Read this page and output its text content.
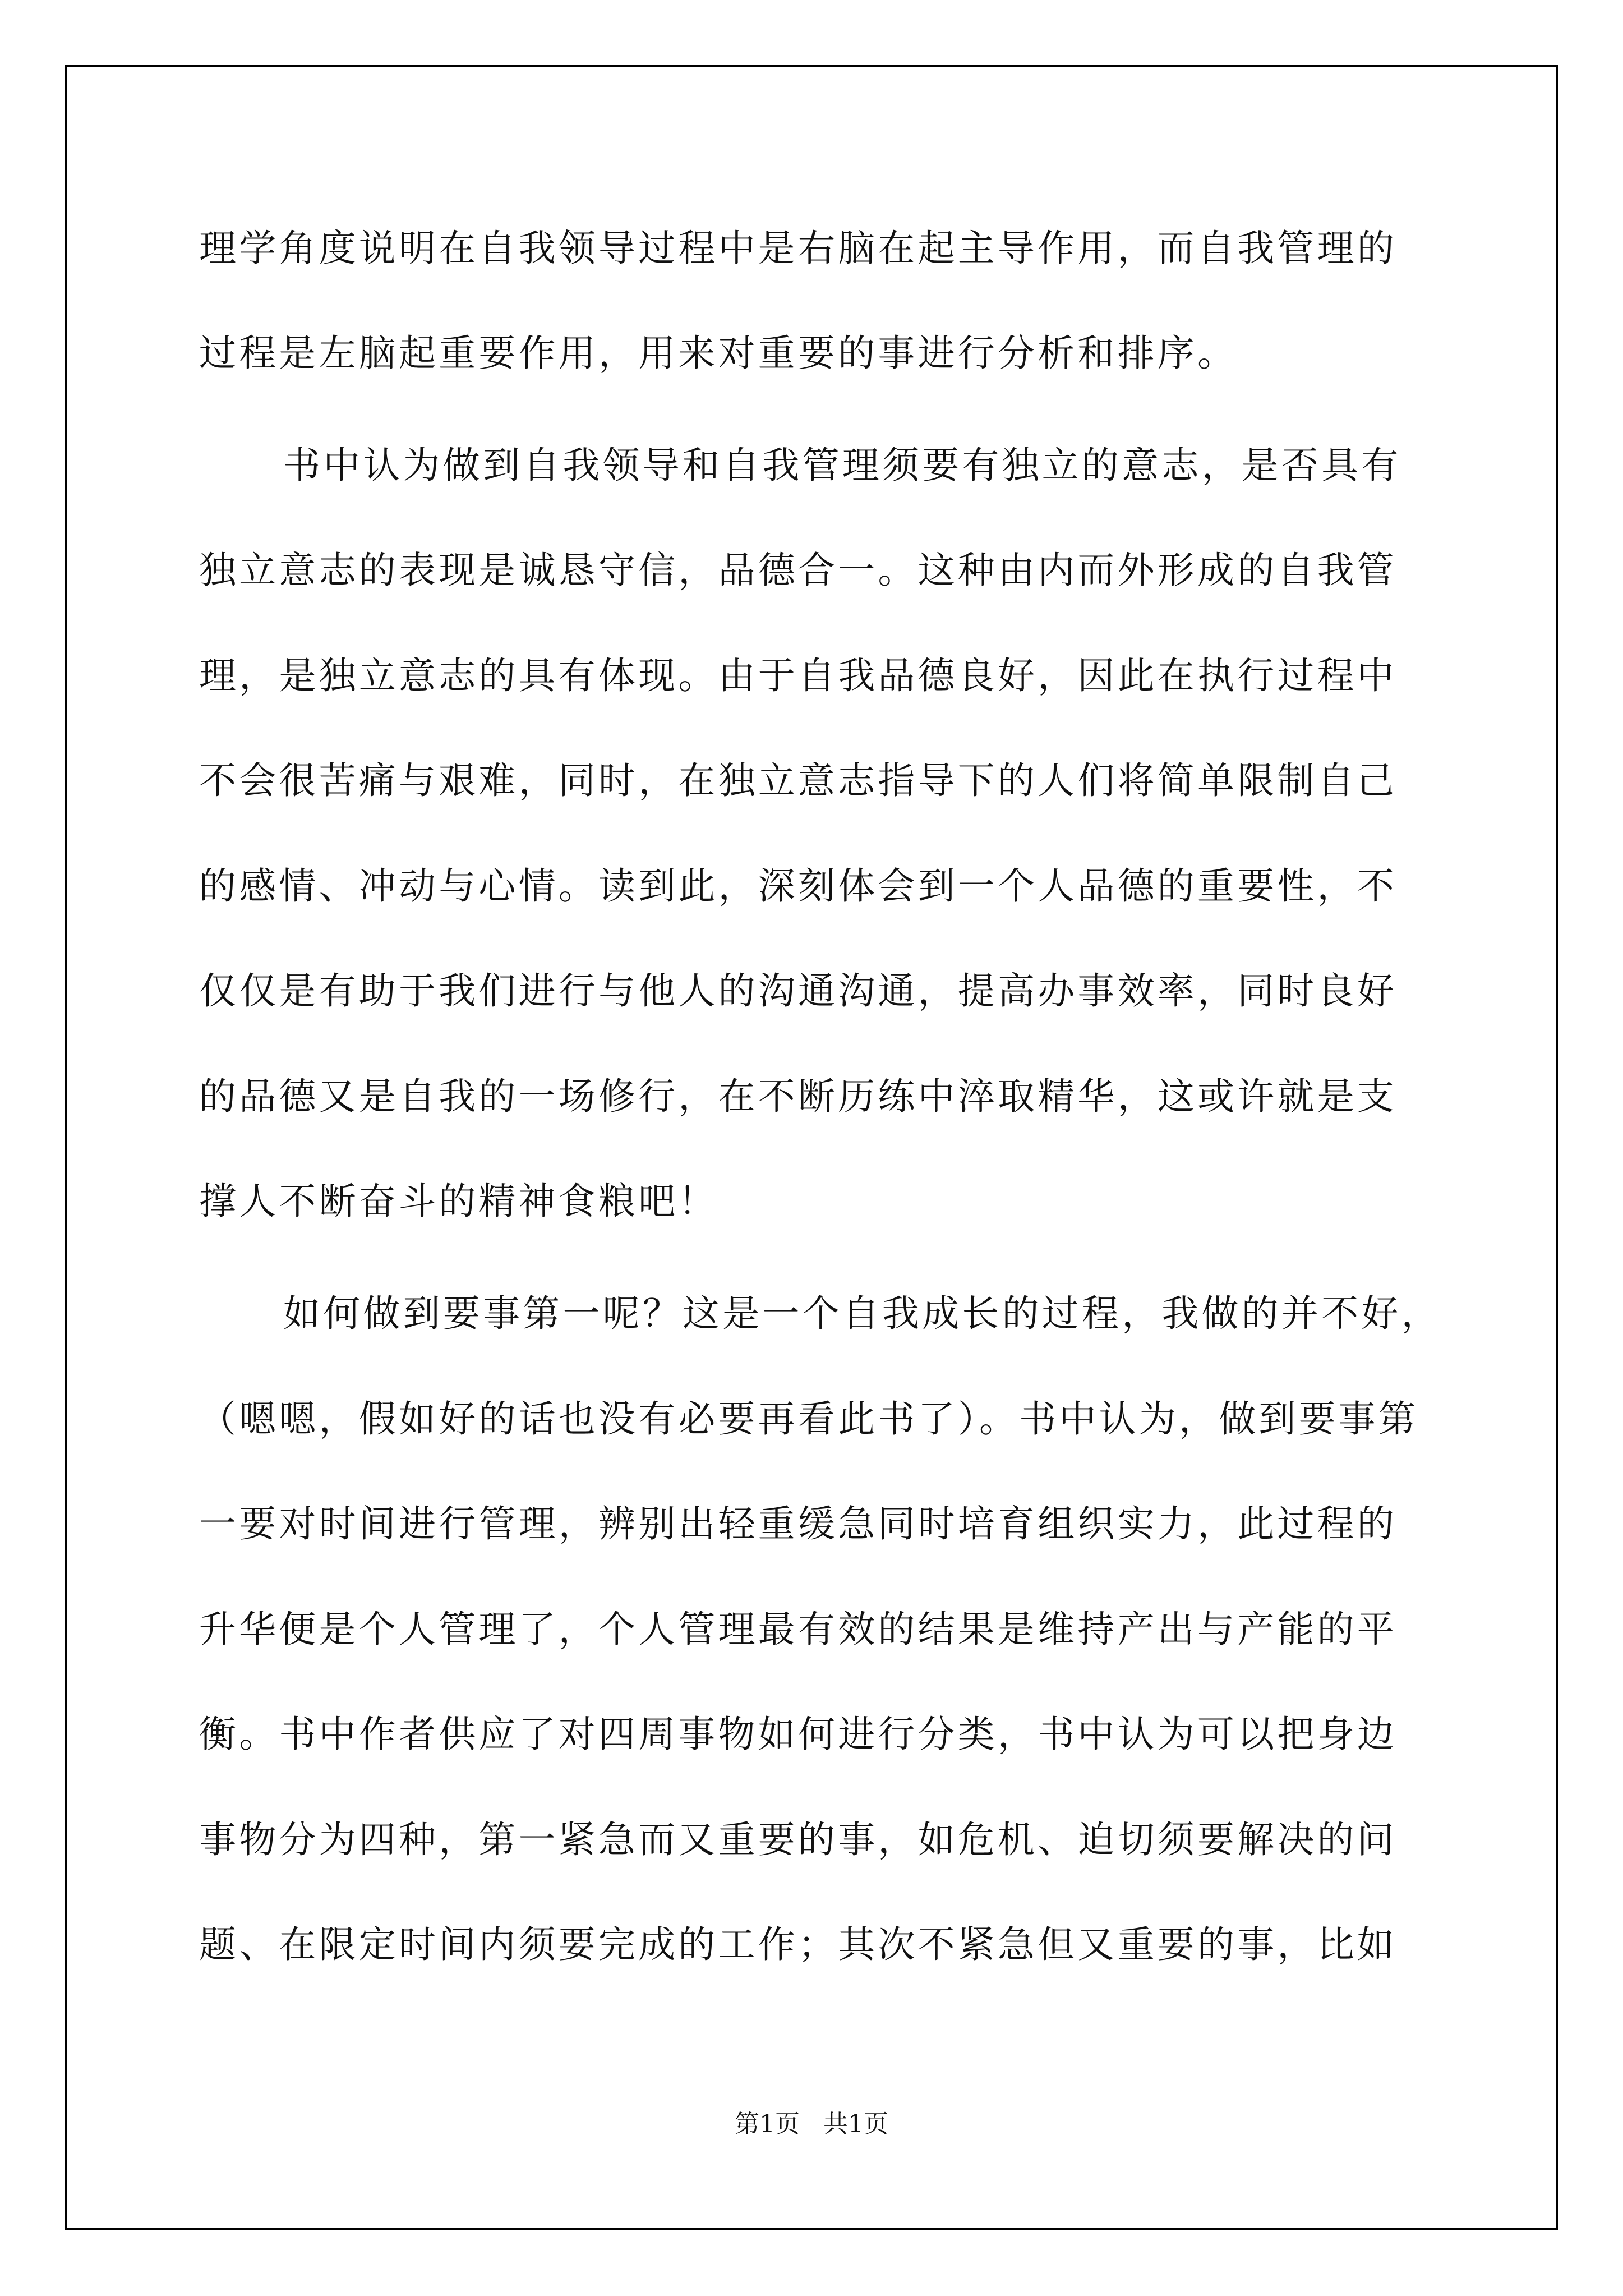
理学角度说明在自我领导过程中是右脑在起主导作用，而自我管理的
过程是左脑起重要作用，用来对重要的事进行分析和排序。
书中认为做到自我领导和自我管理须要有独立的意志，是否具有
独立意志的表现是诚恳守信，品德合一。这种由内而外形成的自我管
理，是独立意志的具有体现。由于自我品德良好，因此在执行过程中
不会很苦痛与艰难，同时，在独立意志指导下的人们将简单限制自己
的感情、冲动与心情。读到此，深刻体会到一个人品德的重要性，不
仅仅是有助于我们进行与他人的沟通沟通，提高办事效率，同时良好
的品德又是自我的一场修行，在不断历练中淬取精华，这或许就是支
撑人不断奋斗的精神食粮吧！
如何做到要事第一呢？这是一个自我成长的过程，我做的并不好，
（嗯嗯，假如好的话也没有必要再看此书了）。书中认为，做到要事第
一要对时间进行管理，辨别出轻重缓急同时培育组织实力，此过程的
升华便是个人管理了，个人管理最有效的结果是维持产出与产能的平
衡。书中作者供应了对四周事物如何进行分类，书中认为可以把身边
事物分为四种，第一紧急而又重要的事，如危机、迫切须要解决的问
题、在限定时间内须要完成的工作；其次不紧急但又重要的事，比如
第1页   共1页
